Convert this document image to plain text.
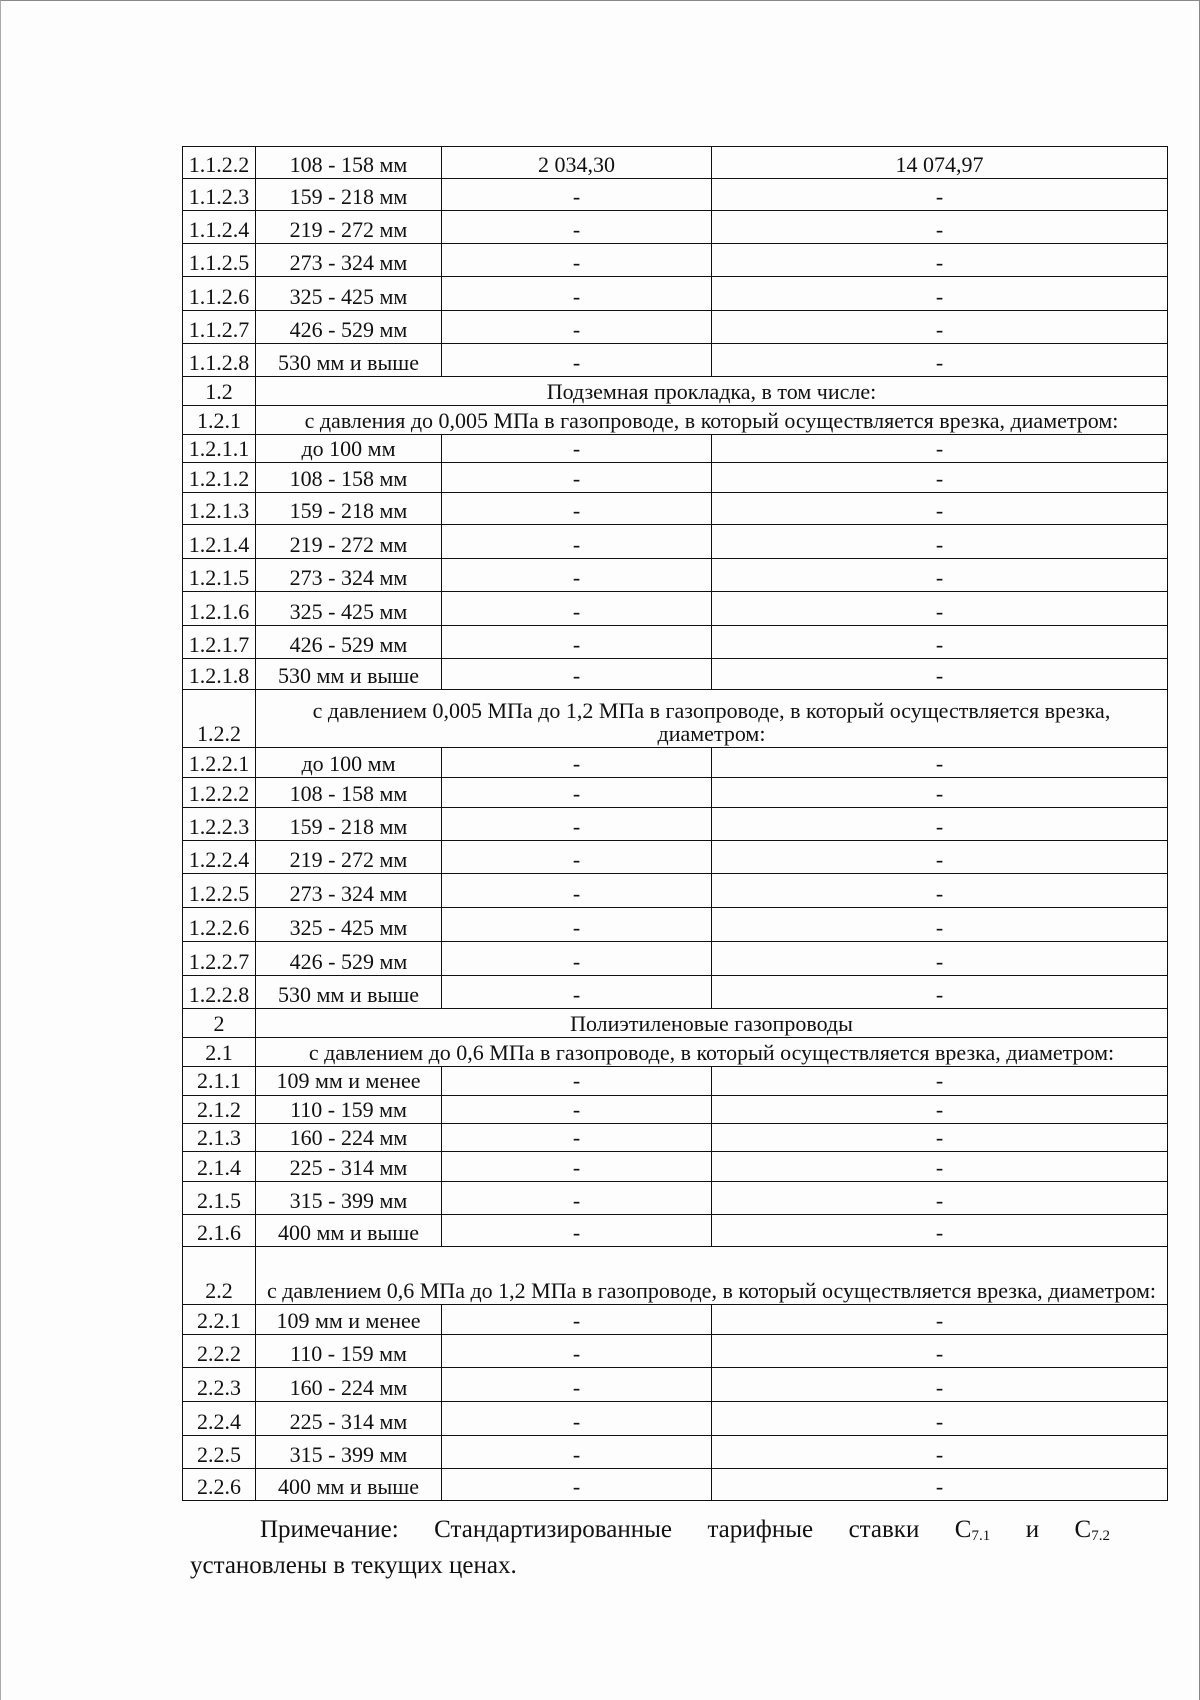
1.1.2.2	108 - 158 мм	2 034,30	14 074,97
1.1.2.3	159 - 218 мм	-	-
1.1.2.4	219 - 272 мм	-	-
1.1.2.5	273 - 324 мм	-	-
1.1.2.6	325 - 425 мм	-	-
1.1.2.7	426 - 529 мм	-	-
1.1.2.8	530 мм и выше	-	-
1.2	Подземная прокладка, в том числе:		
1.2.1	с давления до 0,005 МПа в газопроводе, в который осуществляется врезка, диаметром:		
1.2.1.1	до 100 мм	-	-
1.2.1.2	108 - 158 мм	-	-
1.2.1.3	159 - 218 мм	-	-
1.2.1.4	219 - 272 мм	-	-
1.2.1.5	273 - 324 мм	-	-
1.2.1.6	325 - 425 мм	-	-
1.2.1.7	426 - 529 мм	-	-
1.2.1.8	530 мм и выше	-	-
1.2.2	с давлением 0,005 МПа до 1,2 МПа в газопроводе, в который осуществляется врезка, диаметром:		
1.2.2.1	до 100 мм	-	-
1.2.2.2	108 - 158 мм	-	-
1.2.2.3	159 - 218 мм	-	-
1.2.2.4	219 - 272 мм	-	-
1.2.2.5	273 - 324 мм	-	-
1.2.2.6	325 - 425 мм	-	-
1.2.2.7	426 - 529 мм	-	-
1.2.2.8	530 мм и выше	-	-
2	Полиэтиленовые газопроводы		
2.1	с давлением до 0,6 МПа в газопроводе, в который осуществляется врезка, диаметром:		
2.1.1	109 мм и менее	-	-
2.1.2	110 - 159 мм	-	-
2.1.3	160 - 224 мм	-	-
2.1.4	225 - 314 мм	-	-
2.1.5	315 - 399 мм	-	-
2.1.6	400 мм и выше	-	-
2.2	с давлением 0,6 МПа до 1,2 МПа в газопроводе, в который осуществляется врезка, диаметром:		
2.2.1	109 мм и менее	-	-
2.2.2	110 - 159 мм	-	-
2.2.3	160 - 224 мм	-	-
2.2.4	225 - 314 мм	-	-
2.2.5	315 - 399 мм	-	-
2.2.6	400 мм и выше	-	-
Примечание: Стандартизированные тарифные ставки $С_{7.1}$ и $С_{7.2}$
установлены в текущих ценах.
